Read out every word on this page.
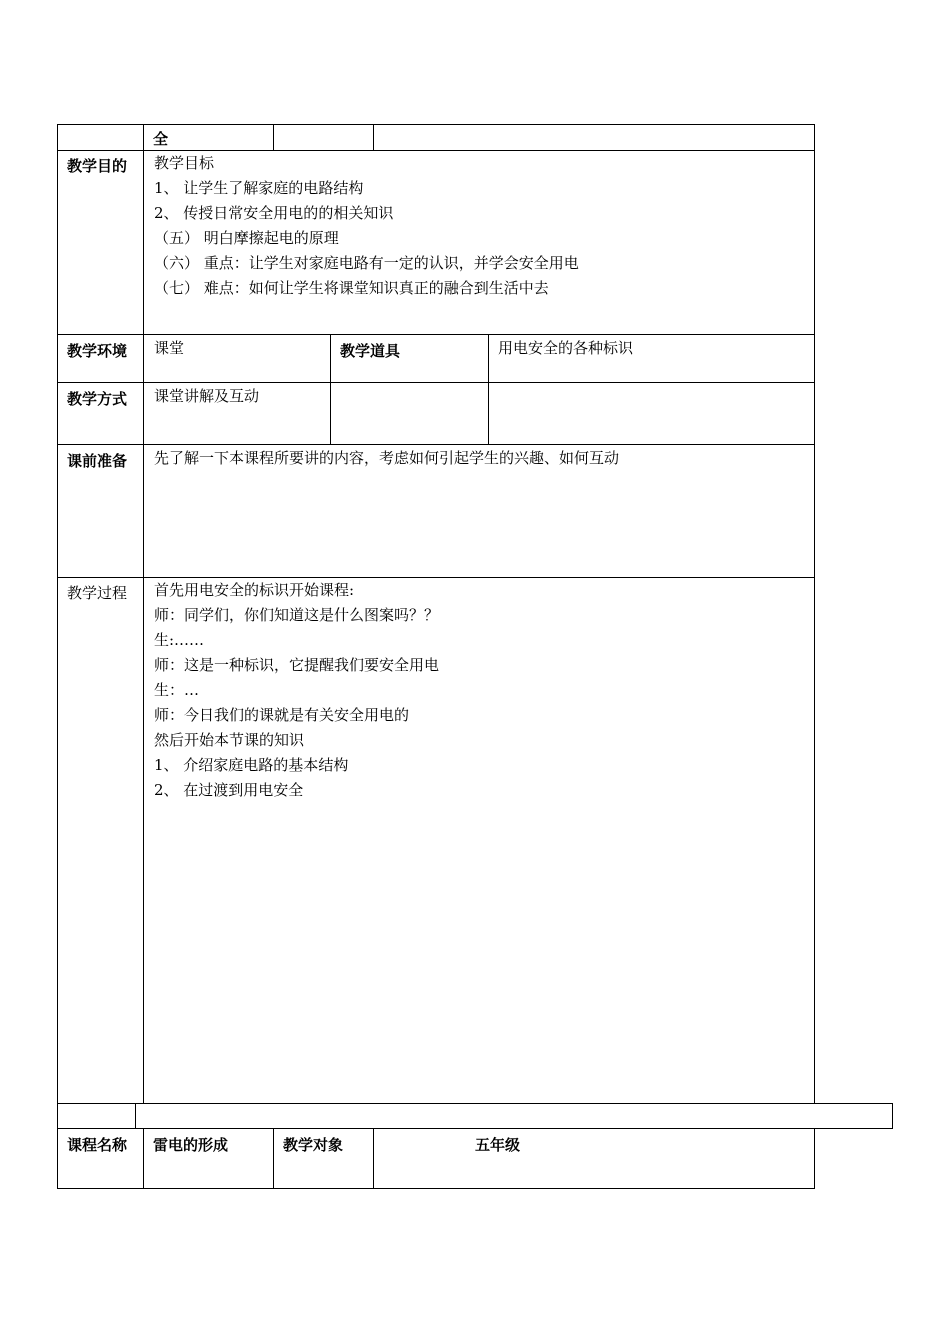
全
教学目的 教学目标
1、 让学生了解家庭的电路结构
2、 传授日常安全用电的的相关知识
（五） 明白摩擦起电的原理
（六） 重点：让学生对家庭电路有一定的认识，并学会安全用电
（七） 难点：如何让学生将课堂知识真正的融合到生活中去
教学环境 课堂	教学道具	用电安全的各种标识
教学方式 课堂讲解及互动
课前准备 先了解一下本课程所要讲的内容，考虑如何引起学生的兴趣、如何互动
教学过程 首先用电安全的标识开始课程:
师：同学们，你们知道这是什么图案吗？？
生:……
师：这是一种标识，它提醒我们要安全用电
生：…
师：今日我们的课就是有关安全用电的
然后开始本节课的知识
1、 介绍家庭电路的基本结构
2、 在过渡到用电安全
课程名称 雷电的形成	教学对象	五年级
